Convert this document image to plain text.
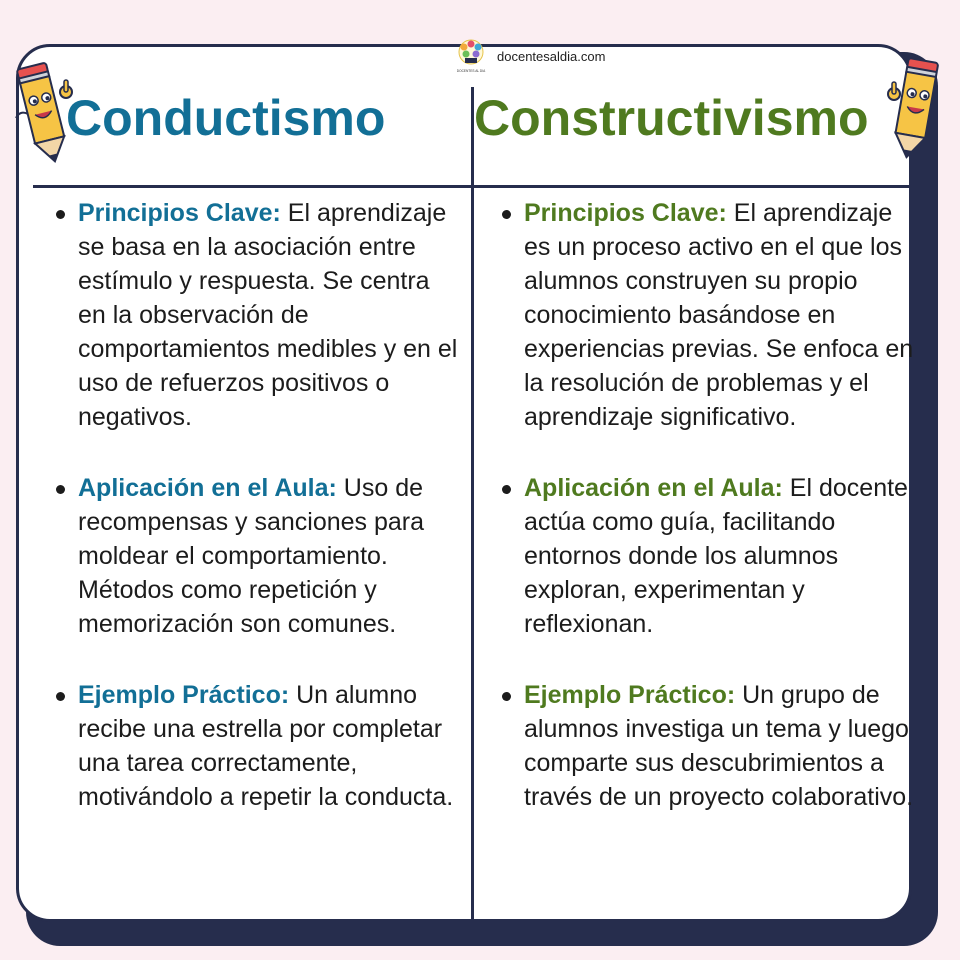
DOCENTES AL DIA
docentesaldia.com
Conductismo Constructivismo
Principios Clave: El aprendizaje se basa en la asociación entre estímulo y respuesta. Se centra en la observación de comportamientos medibles y en el uso de refuerzos positivos o negativos.
Aplicación en el Aula: Uso de recompensas y sanciones para moldear el comportamiento. Métodos como repetición y memorización son comunes.
Ejemplo Práctico: Un alumno recibe una estrella por completar una tarea correctamente, motivándolo a repetir la conducta.
Principios Clave: El aprendizaje es un proceso activo en el que los alumnos construyen su propio conocimiento basándose en experiencias previas. Se enfoca en la resolución de problemas y el aprendizaje significativo.
Aplicación en el Aula: El docente actúa como guía, facilitando entornos donde los alumnos exploran, experimentan y reflexionan.
Ejemplo Práctico: Un grupo de alumnos investiga un tema y luego comparte sus descubrimientos a través de un proyecto colaborativo.
